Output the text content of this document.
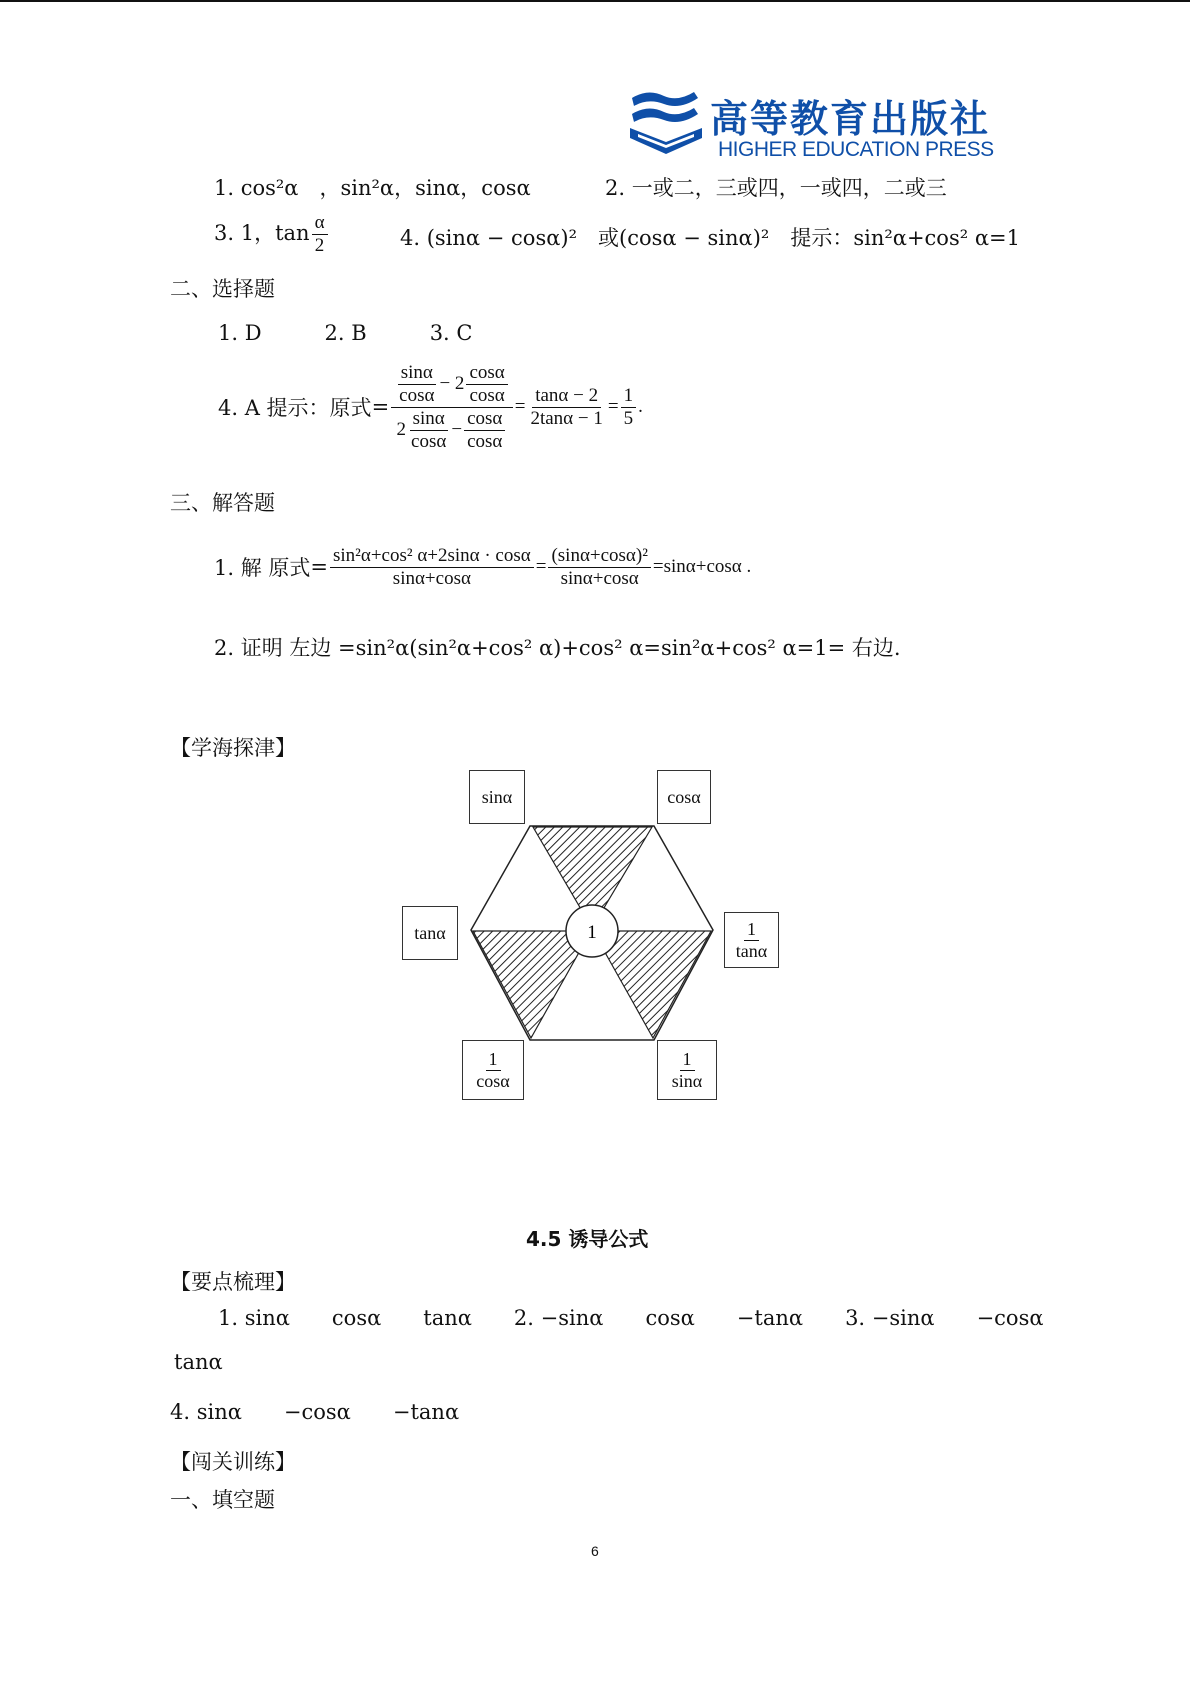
高等教育出版社
HIGHER EDUCATION PRESS
1. cos²α　，sin²α，sinα，cosα	2. 一或二，三或四，一或四，二或三
3. 1，$\tan \frac{\alpha}{2}$	4. (sinα − cosα)²　或(cosα − sinα)²　提示：sin²α+cos² α=1
二、选择题
1. D　　　2. B　　　3. C
4. A 提示：原式 = $\frac{\frac{\sin\alpha}{\cos\alpha} - 2 \frac{\cos\alpha}{\cos\alpha}}{2 \frac{\sin\alpha}{\cos\alpha} - \frac{\cos\alpha}{\cos\alpha}} = \frac{\tan\alpha - 2}{2\tan\alpha - 1} = \frac{1}{5}$ .
三、解答题
1. 解 原式 = $\frac{\text{sin²α+cos² α+2sinα · cosα}}{\sin\alpha+\cos\alpha} = \frac{\text{(sinα+cosα)²}}{\sin\alpha+\cos\alpha} =\sin\alpha+\cos\alpha$ .
2. 证明 左边 =sin²α(sin²α+cos² α)+cos² α=sin²α+cos² α=1= 右边.
【学海探津】
1
sinα	cosα
tanα	$\frac{1}{\tan\alpha}$
$\frac{1}{\cos\alpha}$	$\frac{1}{\sin\alpha}$
4.5 诱导公式
【要点梳理】
1. sinα　　cosα　　tanα　　2. −sinα　　cosα　　−tanα　　3. −sinα　　−cosα
tanα
4. sinα　　−cosα　　−tanα
【闯关训练】
一、填空题
6
